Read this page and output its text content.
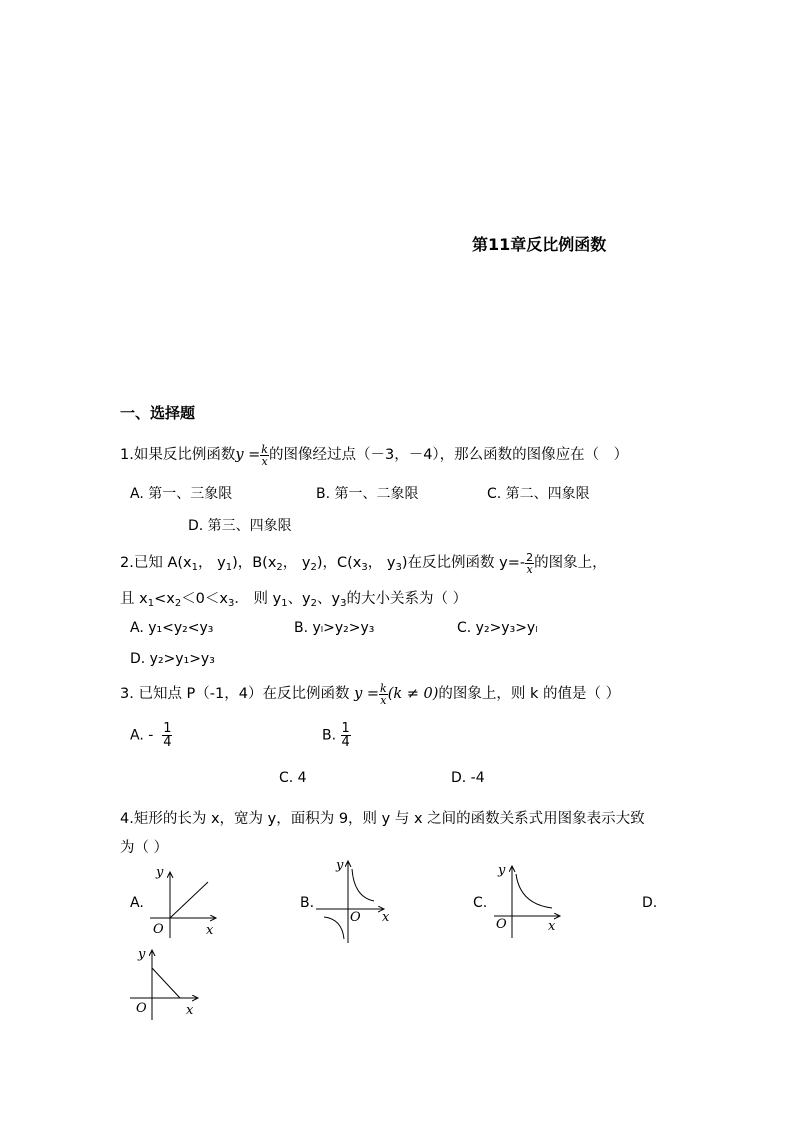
第11章反比例函数
一、选择题
1.如果反比例函数$y = \frac{k}{x}$ 的图像经过点（－3，－4），那么函数的图像应在（　）
A. 第一、三象限	B. 第一、二象限	C. 第二、四象限
D. 第三、四象限
2.已知 $A(x_1$， $y_1$)，$B(x_2$， $y_2$)，$C(x_3$， $y_3$)在反比例函数 $y=- \frac{2}{x}$ 的图象上，
且 $x_1<x_2<0<x_3$． 则 $y_1$、$y_2$、$y_3$的大小关系为（ ）
A. y₁<y₂<y₃	B. yₗ>y₂>y₃	C. y₂>y₃>yₗ
D. y₂>y₁>y₃
3. 已知点 P（-1，4）在反比例函数 $y = \frac{k}{x} (k \ne 0)$的图象上，则 k 的值是（ ）
A. - $\frac{1}{4}$	B. $\frac{1}{4}$
C. 4	D. -4
4.矩形的长为 x，宽为 y，面积为 9，则 y 与 x 之间的函数关系式用图象表示大致
为（ ）
A.	B.	C.	D.
y
x
O
y
x
O
y
x
O
y
x
O
